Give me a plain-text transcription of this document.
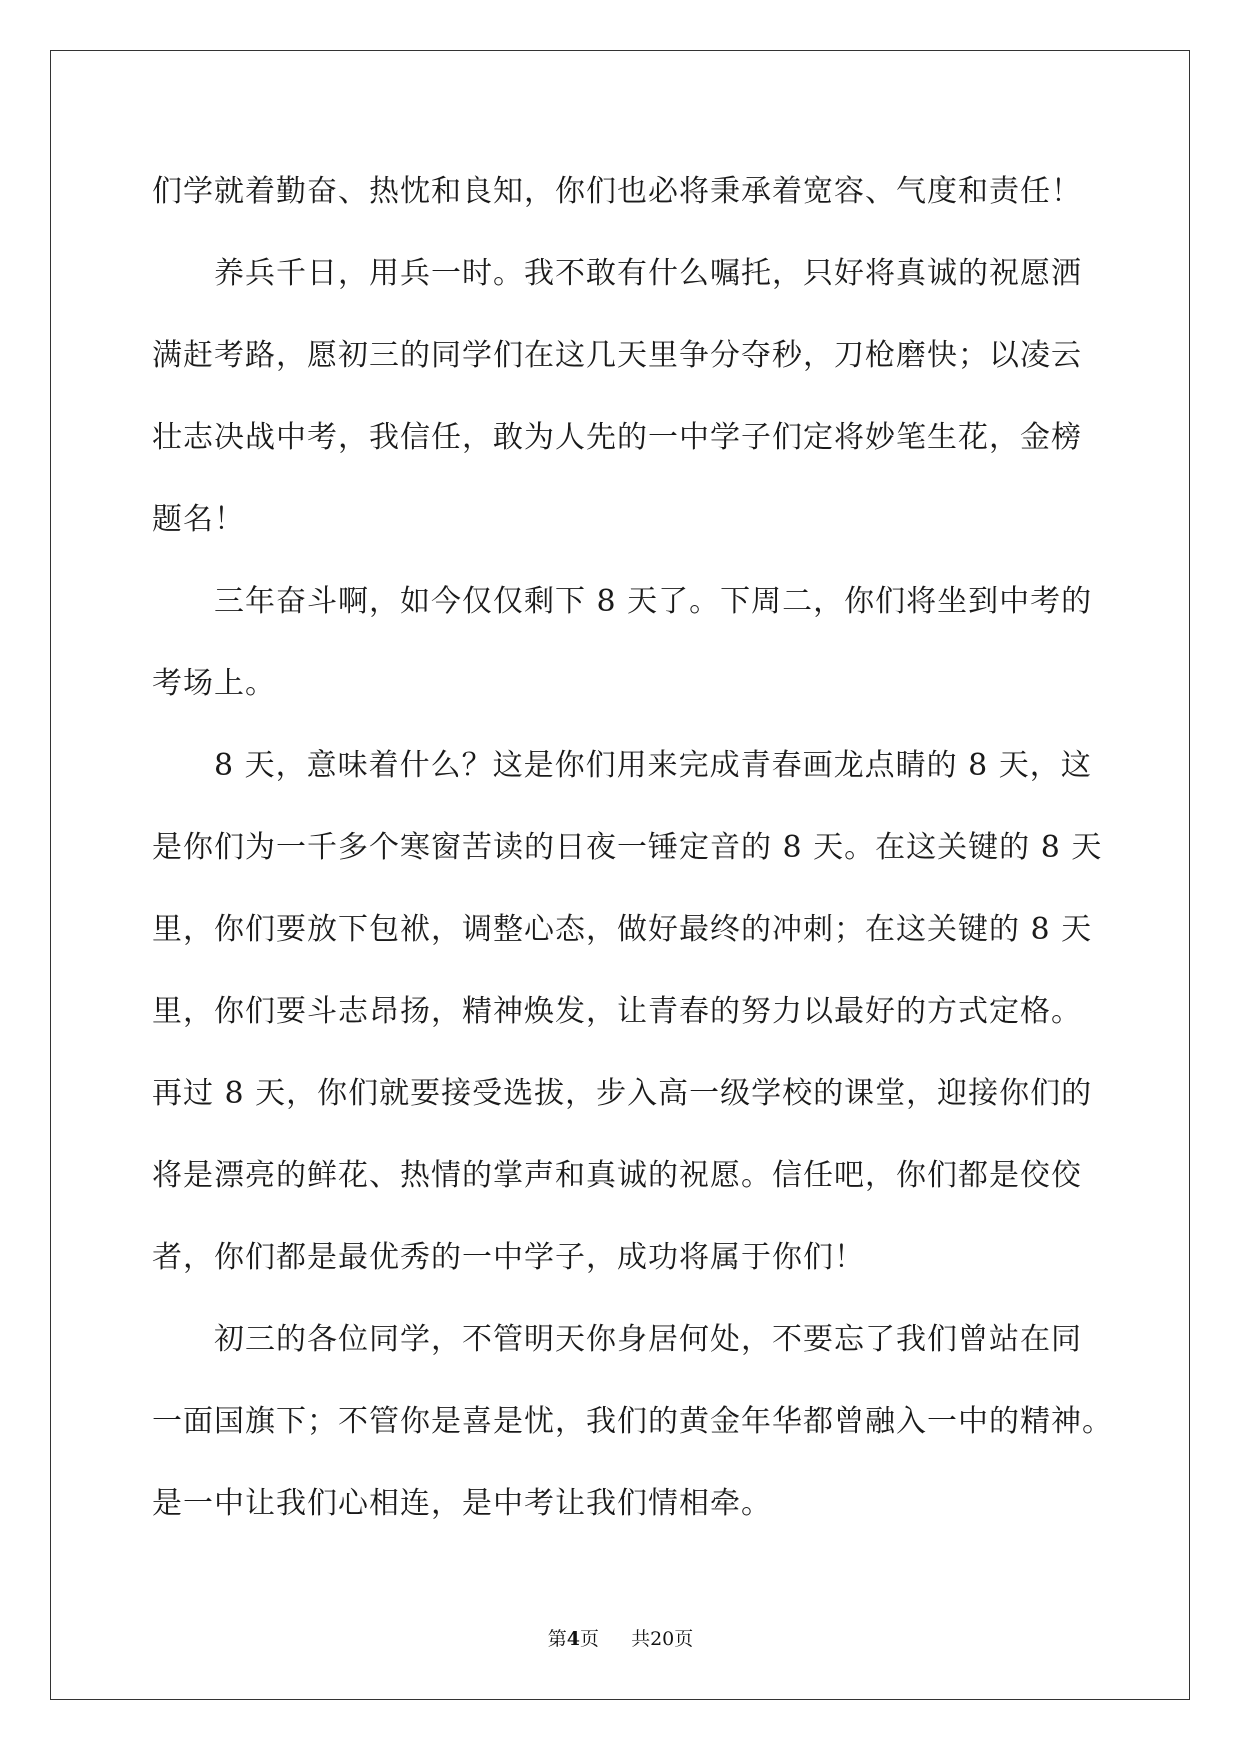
们学就着勤奋、热忱和良知，你们也必将秉承着宽容、气度和责任！
养兵千日，用兵一时。我不敢有什么嘱托，只好将真诚的祝愿洒
满赶考路，愿初三的同学们在这几天里争分夺秒，刀枪磨快；以凌云
壮志决战中考，我信任，敢为人先的一中学子们定将妙笔生花，金榜
题名！
三年奋斗啊，如今仅仅剩下 8 天了。下周二，你们将坐到中考的
考场上。
8 天，意味着什么？这是你们用来完成青春画龙点睛的 8 天，这
是你们为一千多个寒窗苦读的日夜一锤定音的 8 天。在这关键的 8 天
里，你们要放下包袱，调整心态，做好最终的冲刺；在这关键的 8 天
里，你们要斗志昂扬，精神焕发，让青春的努力以最好的方式定格。
再过 8 天，你们就要接受选拔，步入高一级学校的课堂，迎接你们的
将是漂亮的鲜花、热情的掌声和真诚的祝愿。信任吧，你们都是佼佼
者，你们都是最优秀的一中学子，成功将属于你们！
初三的各位同学，不管明天你身居何处，不要忘了我们曾站在同
一面国旗下；不管你是喜是忧，我们的黄金年华都曾融入一中的精神。
是一中让我们心相连，是中考让我们情相牵。
第4页 共20页
